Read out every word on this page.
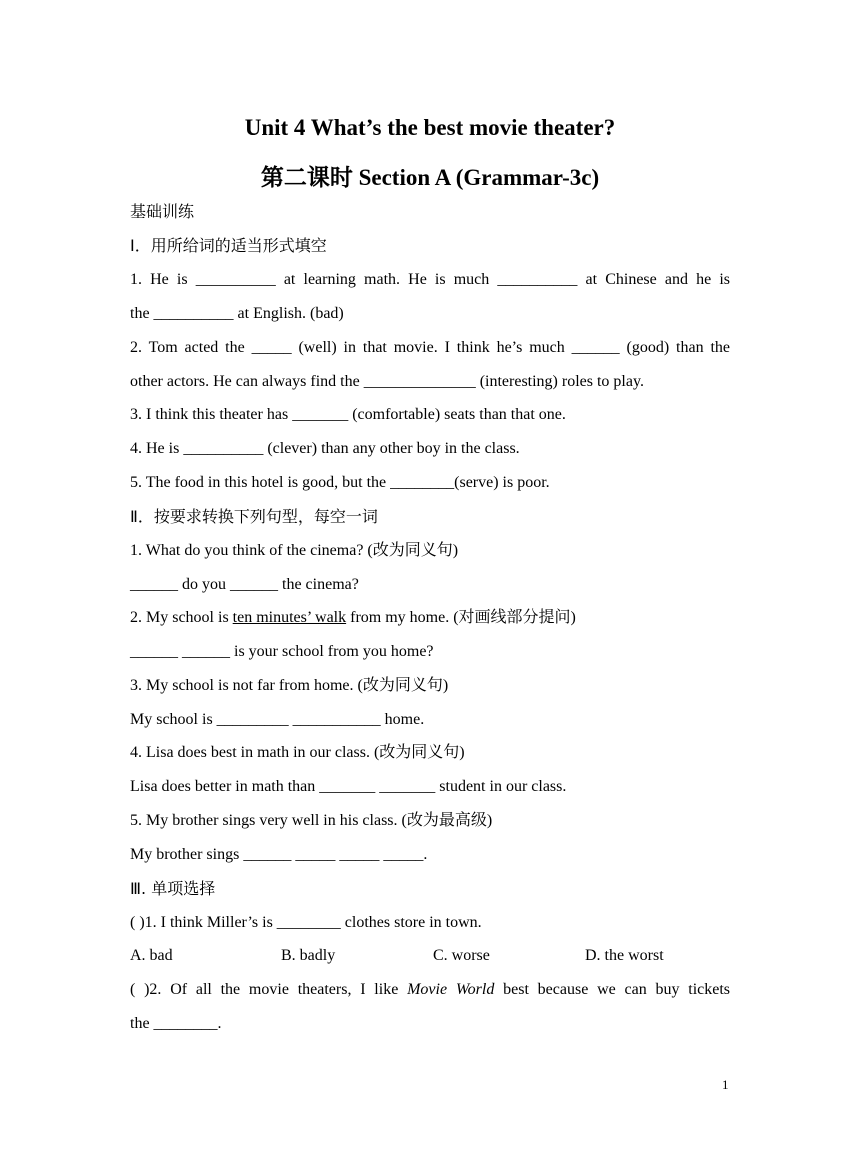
Unit 4 What’s the best movie theater?
第二课时 Section A (Grammar-3c)
基础训练
Ⅰ．用所给词的适当形式填空
1. He is __________ at learning math. He is much __________ at Chinese and he is
the __________ at English. (bad)
2. Tom acted the _____ (well) in that movie. I think he’s much ______ (good) than the
other actors. He can always find the ______________ (interesting) roles to play.
3. I think this theater has _______ (comfortable) seats than that one.
4. He is __________ (clever) than any other boy in the class.
5. The food in this hotel is good, but the ________(serve) is poor.
Ⅱ．按要求转换下列句型，每空一词
1. What do you think of the cinema? (改为同义句)
______ do you ______ the cinema?
2. My school is ten minutes’ walk from my home. (对画线部分提问)
______ ______ is your school from you home?
3. My school is not far from home. (改为同义句)
My school is _________ ___________ home.
4. Lisa does best in math in our class. (改为同义句)
Lisa does better in math than _______ _______ student in our class.
5. My brother sings very well in his class. (改为最高级)
My brother sings ______ _____ _____ _____.
Ⅲ. 单项选择
( )1. I think Miller’s is ________ clothes store in town.
A. bad	B. badly	C. worse	D. the worst
( )2. Of all the movie theaters, I like Movie World best because we can buy tickets
the ________.
1
